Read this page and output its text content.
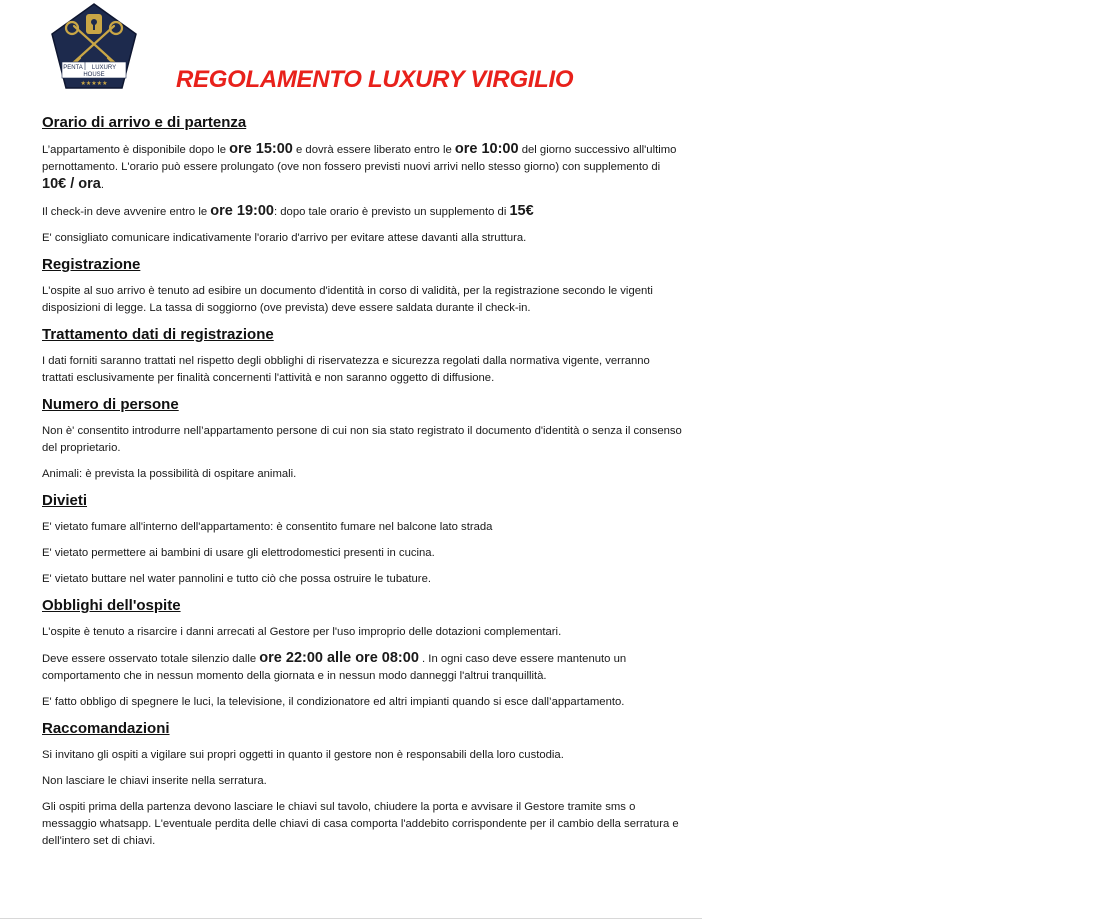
PENTA LUXURY
HOUSE
★★★★★	REGOLAMENTO LUXURY VIRGILIO
Orario di arrivo e di partenza

L’appartamento è disponibile dopo le ore 15:00 e dovrà essere liberato entro le ore 10:00 del giorno successivo all'ultimo pernottamento. L'orario può essere prolungato (ove non fossero previsti nuovi arrivi nello stesso giorno) con supplemento di 10€ / ora.

Il check-in deve avvenire entro le ore 19:00: dopo tale orario è previsto un supplemento di 15€

E' consigliato comunicare indicativamente l'orario d'arrivo per evitare attese davanti alla struttura.

Registrazione

L'ospite al suo arrivo è tenuto ad esibire un documento d'identità in corso di validità, per la registrazione secondo le vigenti disposizioni di legge. La tassa di soggiorno (ove prevista) deve essere saldata durante il check-in.

Trattamento dati di registrazione

I dati forniti saranno trattati nel rispetto degli obblighi di riservatezza e sicurezza regolati dalla normativa vigente, verranno trattati esclusivamente per finalità concernenti l'attività e non saranno oggetto di diffusione.

Numero di persone

Non è' consentito introdurre nell’appartamento persone di cui non sia stato registrato il documento d'identità o senza il consenso del proprietario.

Animali: è prevista la possibilità di ospitare animali.

Divieti

E' vietato fumare all'interno dell'appartamento: è consentito fumare nel balcone lato strada

E' vietato permettere ai bambini di usare gli elettrodomestici presenti in cucina.

E' vietato buttare nel water pannolini e tutto ciò che possa ostruire le tubature.

Obblighi dell'ospite

L'ospite è tenuto a risarcire i danni arrecati al Gestore per l'uso improprio delle dotazioni complementari.

Deve essere osservato totale silenzio dalle ore 22:00 alle ore 08:00 . In ogni caso deve essere mantenuto un comportamento che in nessun momento della giornata e in nessun modo danneggi l'altrui tranquillità.

E' fatto obbligo di spegnere le luci, la televisione, il condizionatore ed altri impianti quando si esce dall’appartamento.

Raccomandazioni

Si invitano gli ospiti a vigilare sui propri oggetti in quanto il gestore non è responsabili della loro custodia.

Non lasciare le chiavi inserite nella serratura.

Gli ospiti prima della partenza devono lasciare le chiavi sul tavolo, chiudere la porta e avvisare il Gestore tramite sms o messaggio whatsapp. L'eventuale perdita delle chiavi di casa comporta l'addebito corrispondente per il cambio della serratura e dell'intero set di chiavi.
